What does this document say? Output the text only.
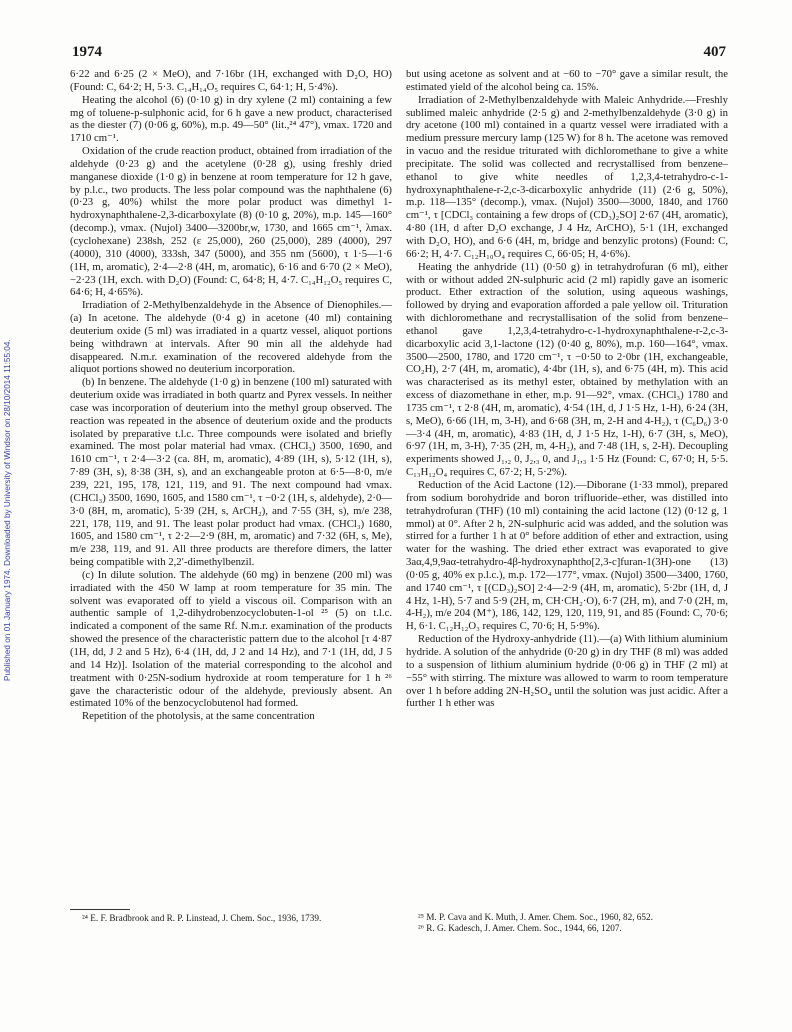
1974	407
Published on 01 January 1974. Downloaded by University of Windsor on 28/10/2014 11:55:04.

6·22 and 6·25 (2 × MeO), and 7·16br (1H, exchanged with D₂O, HO) (Found: C, 64·2; H, 5·3. C₁₄H₁₄O₅ requires C, 64·1; H, 5·4%).

Heating the alcohol (6) (0·10 g) in dry xylene (2 ml) containing a few mg of toluene-p-sulphonic acid, for 6 h gave a new product, characterised as the diester (7) (0·06 g, 60%), m.p. 49—50° (lit.,²⁴ 47°), νmax. 1720 and 1710 cm⁻¹.

Oxidation of the crude reaction product, obtained from irradiation of the aldehyde (0·23 g) and the acetylene (0·28 g), using freshly dried manganese dioxide (1·0 g) in benzene at room temperature for 12 h gave, by p.l.c., two products. The less polar compound was the naphthalene (6) (0·23 g, 40%) whilst the more polar product was dimethyl 1-hydroxynaphthalene-2,3-dicarboxylate (8) (0·10 g, 20%), m.p. 145—160° (decomp.), νmax. (Nujol) 3400—3200br,w, 1730, and 1665 cm⁻¹, λmax. (cyclohexane) 238sh, 252 (ε 25,000), 260 (25,000), 289 (4000), 297 (4000), 310 (4000), 333sh, 347 (5000), and 355 nm (5600), τ 1·5—1·6 (1H, m, aromatic), 2·4—2·8 (4H, m, aromatic), 6·16 and 6·70 (2 × MeO), −2·23 (1H, exch. with D₂O) (Found: C, 64·8; H, 4·7. C₁₄H₁₂O₅ requires C, 64·6; H, 4·65%).

Irradiation of 2-Methylbenzaldehyde in the Absence of Dienophiles.—(a) In acetone. The aldehyde (0·4 g) in acetone (40 ml) containing deuterium oxide (5 ml) was irradiated in a quartz vessel, aliquot portions being withdrawn at intervals. After 90 min all the aldehyde had disappeared. N.m.r. examination of the recovered aldehyde from the aliquot portions showed no deuterium incorporation.

(b) In benzene. The aldehyde (1·0 g) in benzene (100 ml) saturated with deuterium oxide was irradiated in both quartz and Pyrex vessels. In neither case was incorporation of deuterium into the methyl group observed. The reaction was repeated in the absence of deuterium oxide and the products isolated by preparative t.l.c. Three compounds were isolated and briefly examined. The most polar material had νmax. (CHCl₃) 3500, 1690, and 1610 cm⁻¹, τ 2·4—3·2 (ca. 8H, m, aromatic), 4·89 (1H, s), 5·12 (1H, s), 7·89 (3H, s), 8·38 (3H, s), and an exchangeable proton at 6·5—8·0, m/e 239, 221, 195, 178, 121, 119, and 91. The next compound had νmax. (CHCl₃) 3500, 1690, 1605, and 1580 cm⁻¹, τ −0·2 (1H, s, aldehyde), 2·0—3·0 (8H, m, aromatic), 5·39 (2H, s, ArCH₂), and 7·55 (3H, s), m/e 238, 221, 178, 119, and 91. The least polar product had νmax. (CHCl₃) 1680, 1605, and 1580 cm⁻¹, τ 2·2—2·9 (8H, m, aromatic) and 7·32 (6H, s, Me), m/e 238, 119, and 91. All three products are therefore dimers, the latter being compatible with 2,2′-dimethylbenzil.

(c) In dilute solution. The aldehyde (60 mg) in benzene (200 ml) was irradiated with the 450 W lamp at room temperature for 35 min. The solvent was evaporated off to yield a viscous oil. Comparison with an authentic sample of 1,2-dihydrobenzocyclobuten-1-ol ²⁵ (5) on t.l.c. indicated a component of the same Rf. N.m.r. examination of the products showed the presence of the characteristic pattern due to the alcohol [τ 4·87 (1H, dd, J 2 and 5 Hz), 6·4 (1H, dd, J 2 and 14 Hz), and 7·1 (1H, dd, J 5 and 14 Hz)]. Isolation of the material corresponding to the alcohol and treatment with 0·25N-sodium hydroxide at room temperature for 1 h ²⁶ gave the characteristic odour of the aldehyde, previously absent. An estimated 10% of the benzocyclobutenol had formed.

Repetition of the photolysis, at the same concentration

but using acetone as solvent and at −60 to −70° gave a similar result, the estimated yield of the alcohol being ca. 15%.

Irradiation of 2-Methylbenzaldehyde with Maleic Anhydride.—Freshly sublimed maleic anhydride (2·5 g) and 2-methylbenzaldehyde (3·0 g) in dry acetone (100 ml) contained in a quartz vessel were irradiated with a medium pressure mercury lamp (125 W) for 8 h. The acetone was removed in vacuo and the residue triturated with dichloromethane to give a white precipitate. The solid was collected and recrystallised from benzene–ethanol to give white needles of 1,2,3,4-tetrahydro-c-1-hydroxynaphthalene-r-2,c-3-dicarboxylic anhydride (11) (2·6 g, 50%), m.p. 118—135° (decomp.), νmax. (Nujol) 3500—3000, 1840, and 1760 cm⁻¹, τ [CDCl₃ containing a few drops of (CD₃)₂SO] 2·67 (4H, aromatic), 4·80 (1H, d after D₂O exchange, J 4 Hz, ArCHO), 5·1 (1H, exchanged with D₂O, HO), and 6·6 (4H, m, bridge and benzylic protons) (Found: C, 66·2; H, 4·7. C₁₂H₁₀O₄ requires C, 66·05; H, 4·6%).

Heating the anhydride (11) (0·50 g) in tetrahydrofuran (6 ml), either with or without added 2N-sulphuric acid (2 ml) rapidly gave an isomeric product. Ether extraction of the solution, using aqueous washings, followed by drying and evaporation afforded a pale yellow oil. Trituration with dichloromethane and recrystallisation of the solid from benzene–ethanol gave 1,2,3,4-tetrahydro-c-1-hydroxynaphthalene-r-2,c-3-dicarboxylic acid 3,1-lactone (12) (0·40 g, 80%), m.p. 160—164°, νmax. 3500—2500, 1780, and 1720 cm⁻¹, τ −0·50 to 2·0br (1H, exchangeable, CO₂H), 2·7 (4H, m, aromatic), 4·4br (1H, s), and 6·75 (4H, m). This acid was characterised as its methyl ester, obtained by methylation with an excess of diazomethane in ether, m.p. 91—92°, νmax. (CHCl₃) 1780 and 1735 cm⁻¹, τ 2·8 (4H, m, aromatic), 4·54 (1H, d, J 1·5 Hz, 1-H), 6·24 (3H, s, MeO), 6·66 (1H, m, 3-H), and 6·68 (3H, m, 2-H and 4-H₂), τ (C₆D₆) 3·0—3·4 (4H, m, aromatic), 4·83 (1H, d, J 1·5 Hz, 1-H), 6·7 (3H, s, MeO), 6·97 (1H, m, 3-H), 7·35 (2H, m, 4-H₂), and 7·48 (1H, s, 2-H). Decoupling experiments showed J₁,₂ 0, J₂,₃ 0, and J₁,₃ 1·5 Hz (Found: C, 67·0; H, 5·5. C₁₃H₁₂O₄ requires C, 67·2; H, 5·2%).

Reduction of the Acid Lactone (12).—Diborane (1·33 mmol), prepared from sodium borohydride and boron trifluoride–ether, was distilled into tetrahydrofuran (THF) (10 ml) containing the acid lactone (12) (0·12 g, 1 mmol) at 0°. After 2 h, 2N-sulphuric acid was added, and the solution was stirred for a further 1 h at 0° before addition of ether and extraction, using water for the washing. The dried ether extract was evaporated to give 3aα,4,9,9aα-tetrahydro-4β-hydroxynaphtho[2,3-c]furan-1(3H)-one (13) (0·05 g, 40% ex p.l.c.), m.p. 172—177°, νmax. (Nujol) 3500—3400, 1760, and 1740 cm⁻¹, τ [(CD₃)₂SO] 2·4—2·9 (4H, m, aromatic), 5·2br (1H, d, J 4 Hz, 1-H), 5·7 and 5·9 (2H, m, CH·CH₂·O), 6·7 (2H, m), and 7·0 (2H, m, 4-H₂), m/e 204 (M⁺), 186, 142, 129, 120, 119, 91, and 85 (Found: C, 70·6; H, 6·1. C₁₂H₁₂O₃ requires C, 70·6; H, 5·9%).

Reduction of the Hydroxy-anhydride (11).—(a) With lithium aluminium hydride. A solution of the anhydride (0·20 g) in dry THF (8 ml) was added to a suspension of lithium aluminium hydride (0·06 g) in THF (2 ml) at −55° with stirring. The mixture was allowed to warm to room temperature over 1 h before adding 2N-H₂SO₄ until the solution was just acidic. After a further 1 h ether was

²⁴ E. F. Bradbrook and R. P. Linstead, J. Chem. Soc., 1936, 1739.	²⁵ M. P. Cava and K. Muth, J. Amer. Chem. Soc., 1960, 82, 652.

²⁶ R. G. Kadesch, J. Amer. Chem. Soc., 1944, 66, 1207.
